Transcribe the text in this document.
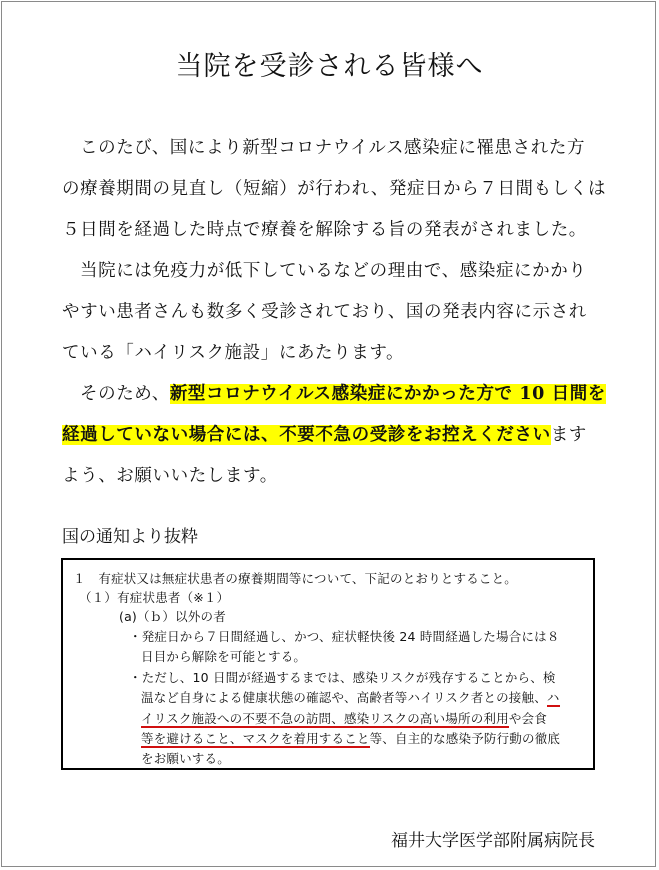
当院を受診される皆様へ
このたび、国により新型コロナウイルス感染症に罹患された方
の療養期間の見直し（短縮）が行われ、発症日から７日間もしくは
５日間を経過した時点で療養を解除する旨の発表がされました。
当院には免疫力が低下しているなどの理由で、感染症にかかり
やすい患者さんも数多く受診されており、国の発表内容に示され
ている「ハイリスク施設」にあたります。
そのため、新型コロナウイルス感染症にかかった方で 10 日間を
経過していない場合には、不要不急の受診をお控えくださいます
よう、お願いいたします。
国の通知より抜粋
１　有症状又は無症状患者の療養期間等について、下記のとおりとすること。
（１）有症状患者（※１）
(a)（ｂ）以外の者
・発症日から７日間経過し、かつ、症状軽快後 24 時間経過した場合には８
日目から解除を可能とする。
・ただし、10 日間が経過するまでは、感染リスクが残存することから、検
温など自身による健康状態の確認や、高齢者等ハイリスク者との接触、ハ
イリスク施設への不要不急の訪問、感染リスクの高い場所の利用や会食
等を避けること、マスクを着用すること等、自主的な感染予防行動の徹底
をお願いする。
福井大学医学部附属病院長
